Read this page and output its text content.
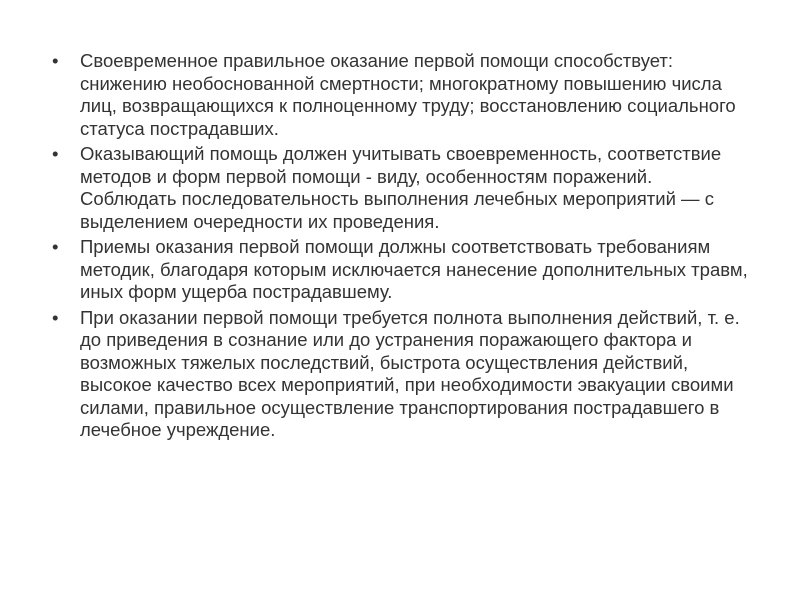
•	Своевременное правильное оказание первой помощи способствует: снижению необоснованной смертности; многократному повышению числа лиц, возвращающихся к полноценному труду; восстановлению социального статуса пострадавших.
•	Оказывающий помощь должен учитывать своевременность, соответствие методов и форм первой помощи - виду, особенностям поражений. Соблюдать последовательность выполнения лечебных мероприятий — с выделением очередности их проведения.
•	Приемы оказания первой помощи должны соответствовать требованиям методик, благодаря которым исключается нанесение дополнительных травм, иных форм ущерба пострадавшему.
•	При оказании первой помощи требуется полнота выполнения действий, т. е. до приведения в сознание или до устранения поражающего фактора и возможных тяжелых последствий, быстрота осуществления действий, высокое качество всех мероприятий, при необходимости эвакуации своими силами, правильное осуществление транспортирования пострадавшего в лечебное учреждение.
